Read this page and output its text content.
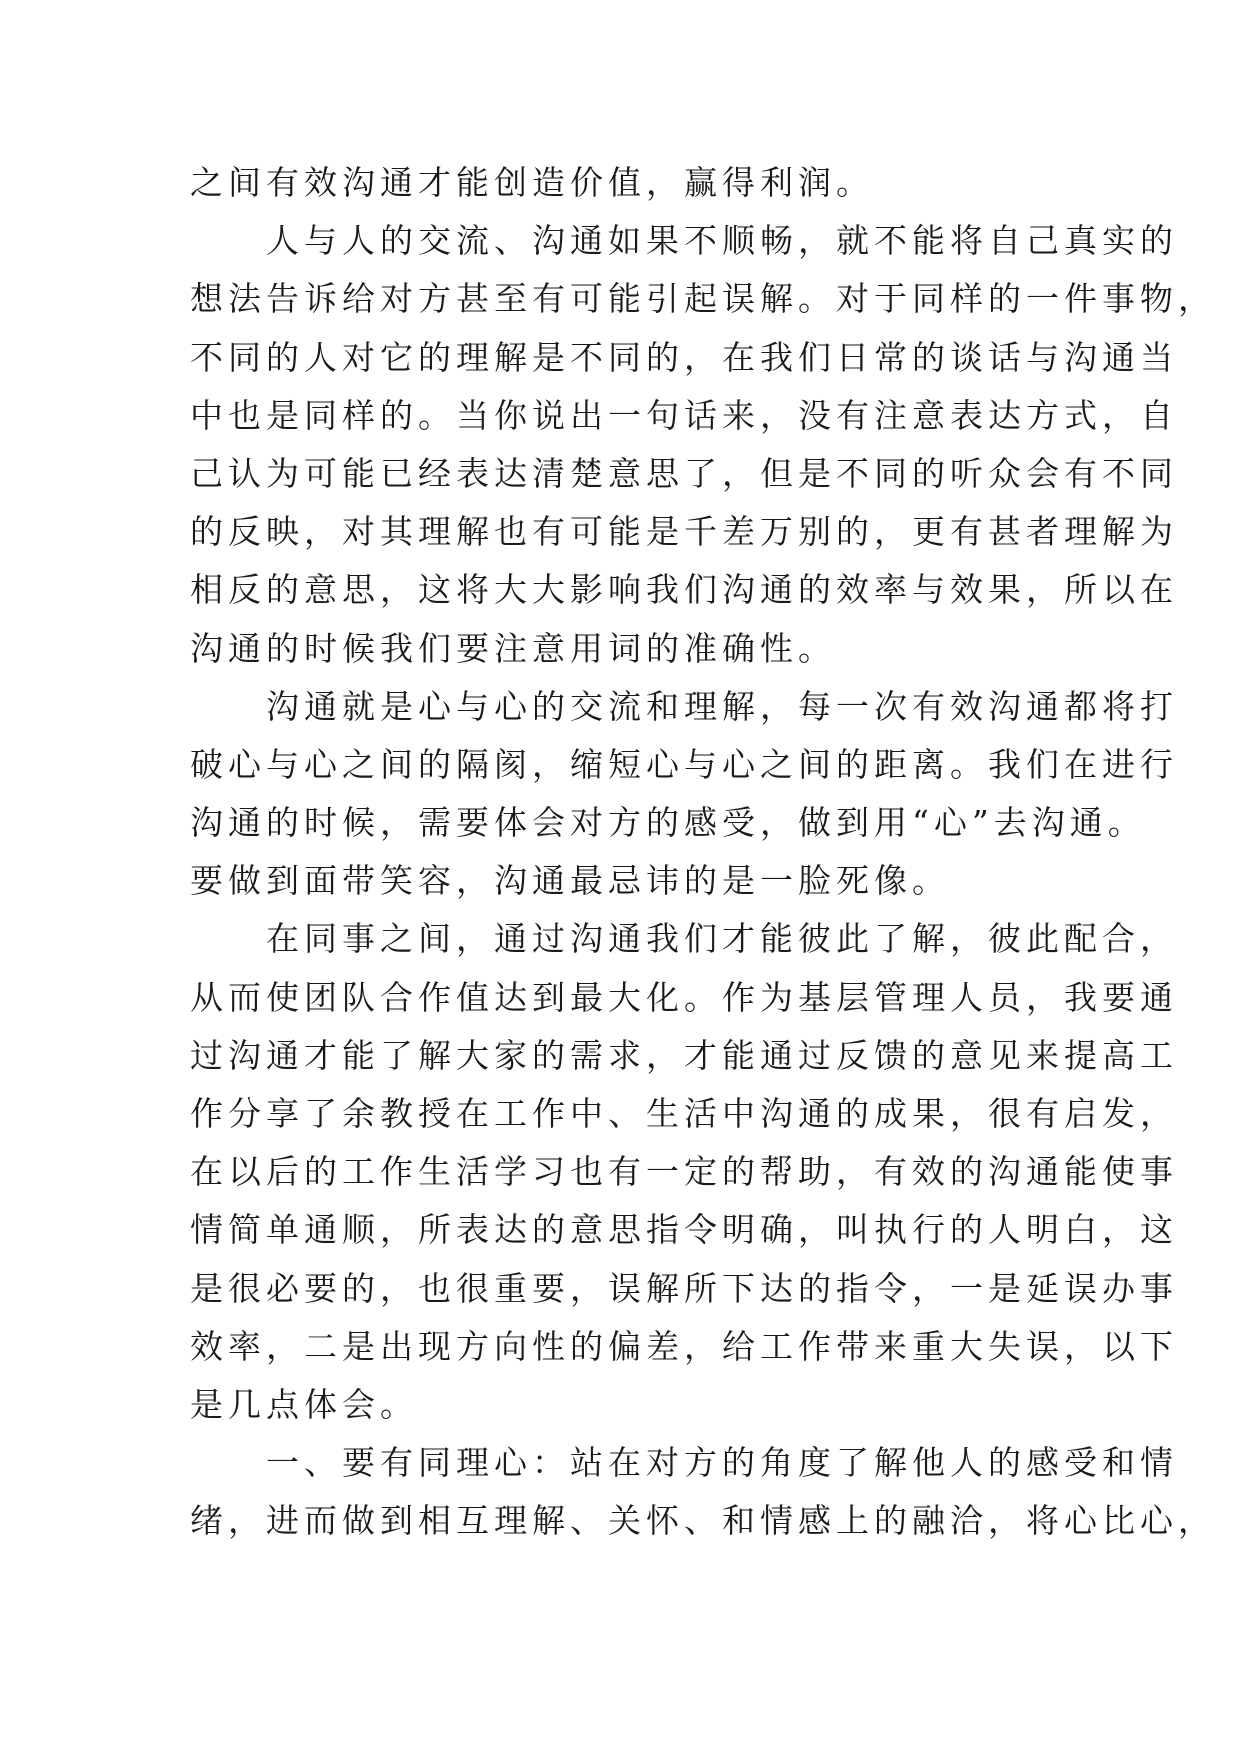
之间有效沟通才能创造价值，赢得利润。
　　人与人的交流、沟通如果不顺畅，就不能将自己真实的
想法告诉给对方甚至有可能引起误解。对于同样的一件事物，
不同的人对它的理解是不同的，在我们日常的谈话与沟通当
中也是同样的。当你说出一句话来，没有注意表达方式，自
己认为可能已经表达清楚意思了，但是不同的听众会有不同
的反映，对其理解也有可能是千差万别的，更有甚者理解为
相反的意思，这将大大影响我们沟通的效率与效果，所以在
沟通的时候我们要注意用词的准确性。
　　沟通就是心与心的交流和理解，每一次有效沟通都将打
破心与心之间的隔阂，缩短心与心之间的距离。我们在进行
沟通的时候，需要体会对方的感受，做到用“心”去沟通。
要做到面带笑容，沟通最忌讳的是一脸死像。
　　在同事之间，通过沟通我们才能彼此了解，彼此配合，
从而使团队合作值达到最大化。作为基层管理人员，我要通
过沟通才能了解大家的需求，才能通过反馈的意见来提高工
作分享了余教授在工作中、生活中沟通的成果，很有启发，
在以后的工作生活学习也有一定的帮助，有效的沟通能使事
情简单通顺，所表达的意思指令明确，叫执行的人明白，这
是很必要的，也很重要，误解所下达的指令，一是延误办事
效率，二是出现方向性的偏差，给工作带来重大失误，以下
是几点体会。
　　一、要有同理心：站在对方的角度了解他人的感受和情
绪，进而做到相互理解、关怀、和情感上的融洽，将心比心，
